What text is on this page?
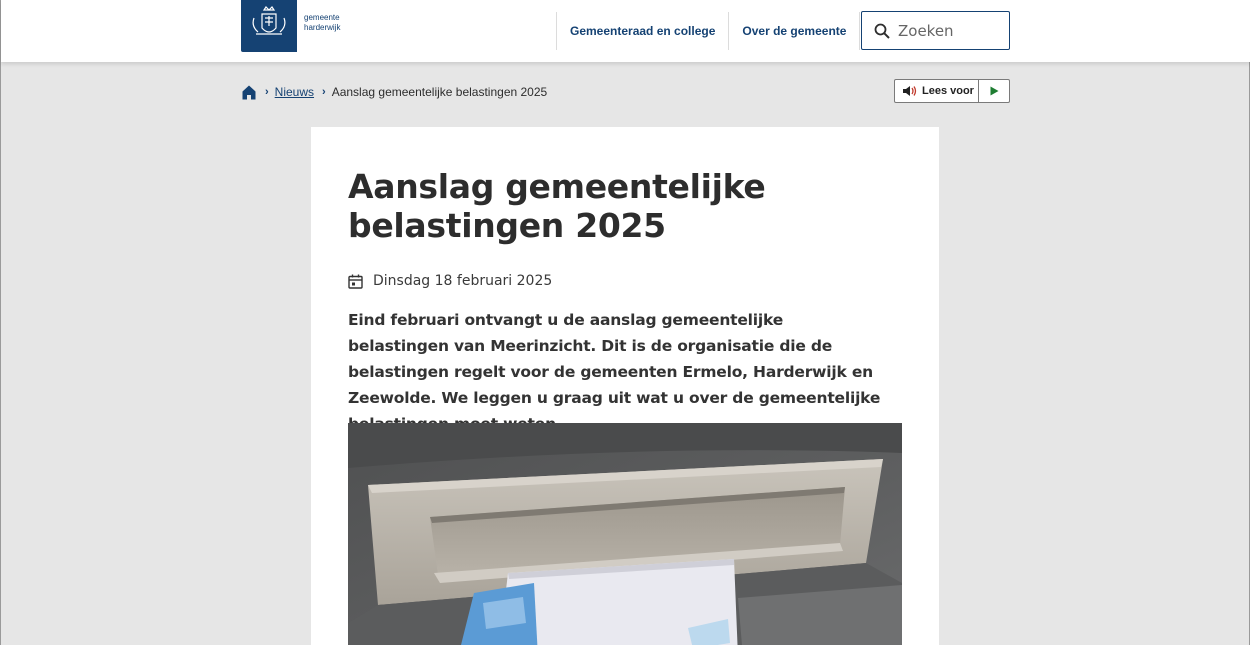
gemeente
harderwijk	Gemeenteraad en college	Over de gemeente
Zoeken
› Nieuws › Aanslag gemeentelijke belastingen 2025	Lees voor
Aanslag gemeentelijke belastingen 2025
Dinsdag 18 februari 2025

Eind februari ontvangt u de aanslag gemeentelijke belastingen van Meerinzicht. Dit is de organisatie die de belastingen regelt voor de gemeenten Ermelo, Harderwijk en Zeewolde. We leggen u graag uit wat u over de gemeentelijke
